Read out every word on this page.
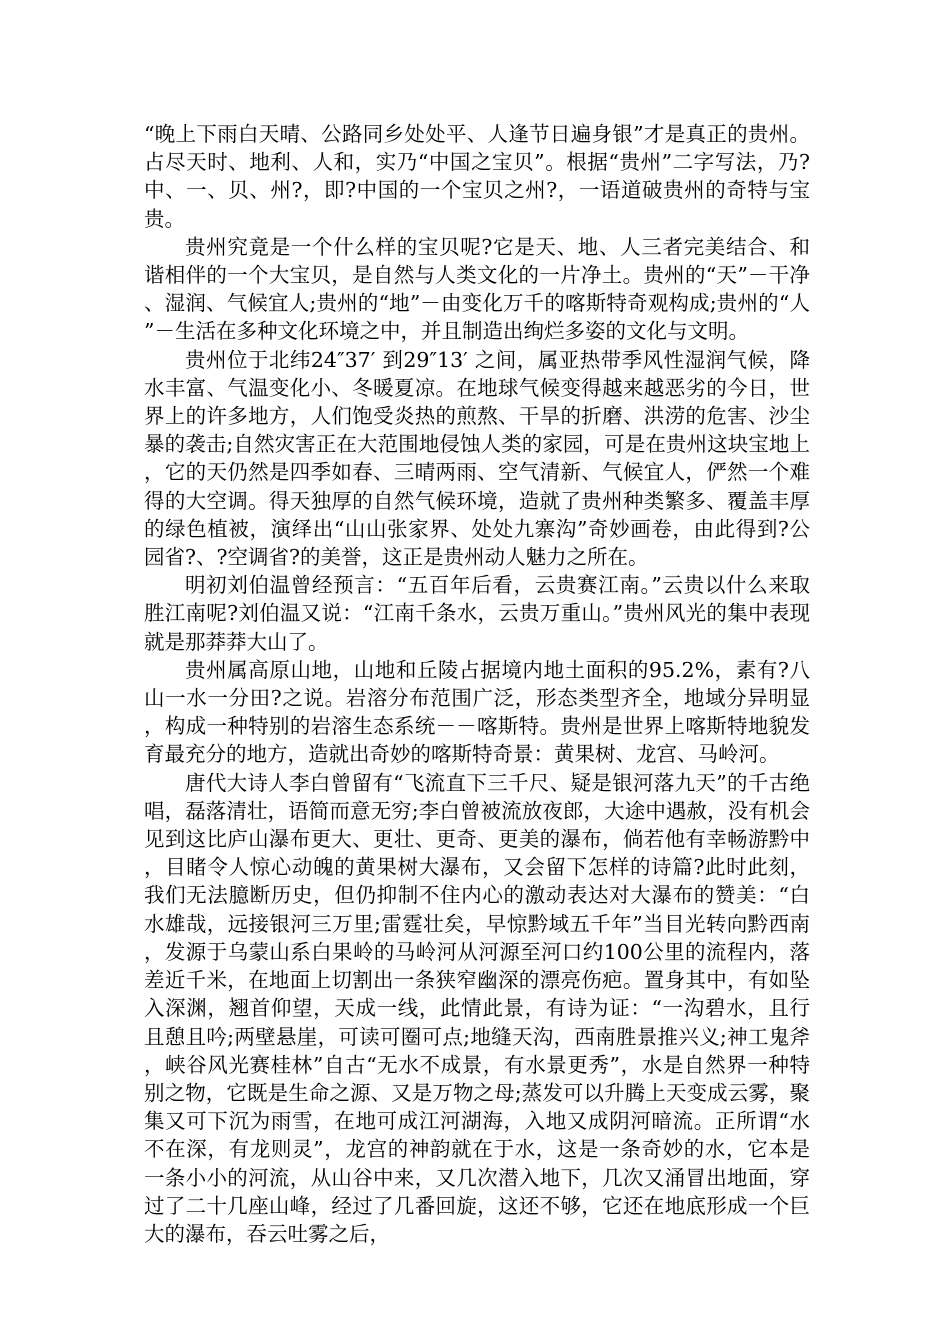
“晚上下雨白天晴、公路同乡处处平、人逢节日遍身银”才是真正的贵州。占尽天时、地利、人和，实乃“中国之宝贝”。根据“贵州”二字写法，乃?中、一、贝、州?，即?中国的一个宝贝之州?，一语道破贵州的奇特与宝贵。

贵州究竟是一个什么样的宝贝呢?它是天、地、人三者完美结合、和谐相伴的一个大宝贝，是自然与人类文化的一片净土。贵州的“天”－干净、湿润、气候宜人;贵州的“地”－由变化万千的喀斯特奇观构成;贵州的“人”－生活在多种文化环境之中，并且制造出绚烂多姿的文化与文明。

贵州位于北纬24″37′ 到29″13′ 之间，属亚热带季风性湿润气候，降水丰富、气温变化小、冬暖夏凉。在地球气候变得越来越恶劣的今日，世界上的许多地方，人们饱受炎热的煎熬、干旱的折磨、洪涝的危害、沙尘暴的袭击;自然灾害正在大范围地侵蚀人类的家园，可是在贵州这块宝地上，它的天仍然是四季如春、三晴两雨、空气清新、气候宜人，俨然一个难得的大空调。得天独厚的自然气候环境，造就了贵州种类繁多、覆盖丰厚的绿色植被，演绎出“山山张家界、处处九寨沟”奇妙画卷，由此得到?公园省?、?空调省?的美誉，这正是贵州动人魅力之所在。

明初刘伯温曾经预言：“五百年后看，云贵赛江南。”云贵以什么来取胜江南呢?刘伯温又说：“江南千条水，云贵万重山。”贵州风光的集中表现就是那莽莽大山了。

贵州属高原山地，山地和丘陵占据境内地土面积的95.2%，素有?八山一水一分田?之说。岩溶分布范围广泛，形态类型齐全，地域分异明显，构成一种特别的岩溶生态系统－－喀斯特。贵州是世界上喀斯特地貌发育最充分的地方，造就出奇妙的喀斯特奇景：黄果树、龙宫、马岭河。

唐代大诗人李白曾留有“飞流直下三千尺、疑是银河落九天”的千古绝唱，磊落清壮，语简而意无穷;李白曾被流放夜郎，大途中遇赦，没有机会见到这比庐山瀑布更大、更壮、更奇、更美的瀑布，倘若他有幸畅游黔中，目睹令人惊心动魄的黄果树大瀑布，又会留下怎样的诗篇?此时此刻，我们无法臆断历史，但仍抑制不住内心的激动表达对大瀑布的赞美：“白水雄哉，远接银河三万里;雷霆壮矣，早惊黔域五千年”当目光转向黔西南，发源于乌蒙山系白果岭的马岭河从河源至河口约100公里的流程内，落差近千米，在地面上切割出一条狭窄幽深的漂亮伤疤。置身其中，有如坠入深渊，翘首仰望，天成一线，此情此景，有诗为证：“一沟碧水，且行且憩且吟;两壁悬崖，可读可圈可点;地缝天沟，西南胜景推兴义;神工鬼斧，峡谷风光赛桂林”自古“无水不成景，有水景更秀”，水是自然界一种特别之物，它既是生命之源、又是万物之母;蒸发可以升腾上天变成云雾，聚集又可下沉为雨雪，在地可成江河湖海，入地又成阴河暗流。正所谓“水不在深，有龙则灵”，龙宫的神韵就在于水，这是一条奇妙的水，它本是一条小小的河流，从山谷中来，又几次潜入地下，几次又涌冒出地面，穿过了二十几座山峰，经过了几番回旋，这还不够，它还在地底形成一个巨大的瀑布，吞云吐雾之后，
